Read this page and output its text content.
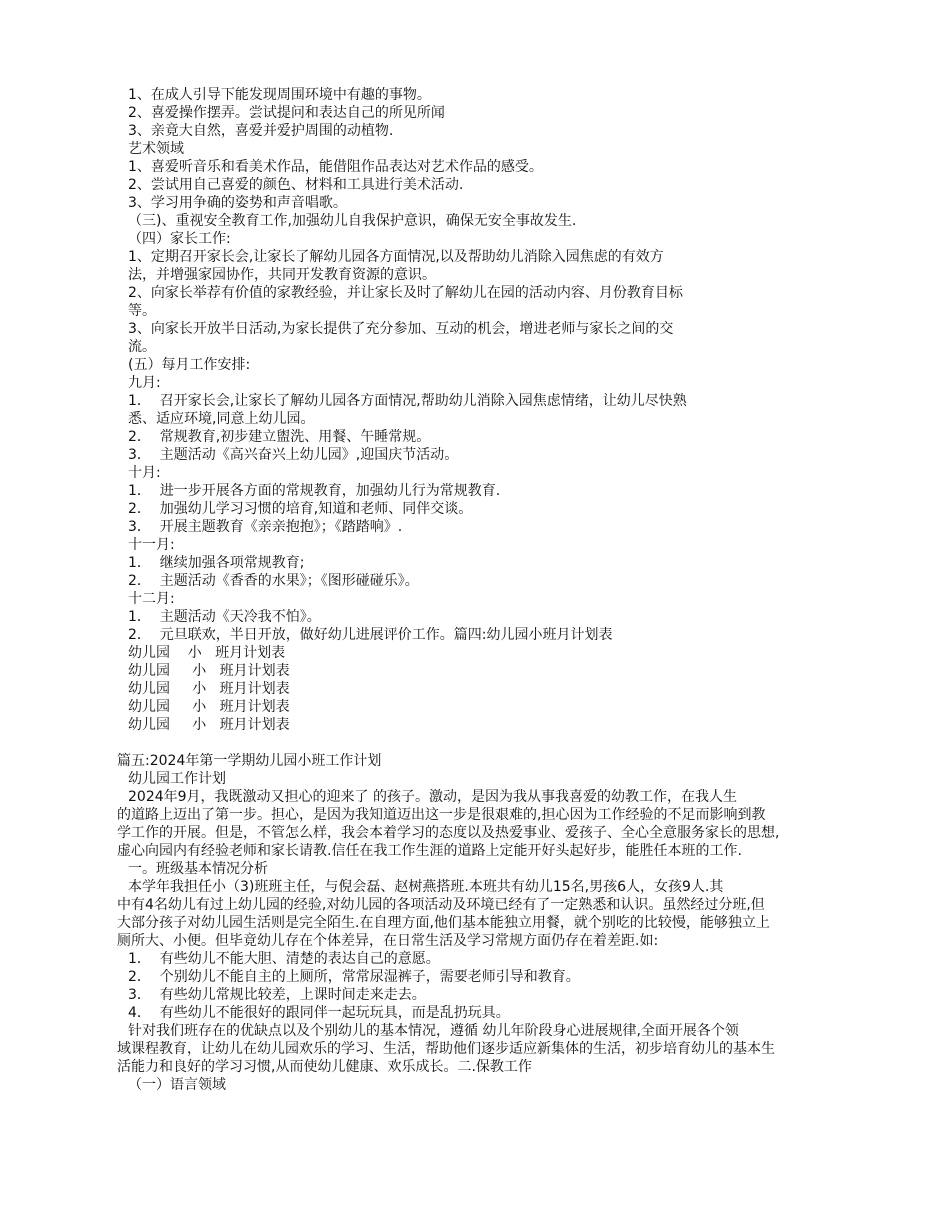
1、在成人引导下能发现周围环境中有趣的事物。
2、喜爱操作摆弄。尝试提问和表达自己的所见所闻
3、亲竟大自然，喜爱并爱护周围的动植物.
艺术领域
1、喜爱听音乐和看美术作品，能借阻作品表达对艺术作品的感受。
2、尝试用自己喜爱的颜色、材料和工具进行美术活动.
3、学习用争确的姿势和声音唱歌。
（三)、重视安全教育工作,加强幼儿自我保护意识，确保无安全事故发生.
（四）家长工作:
1、定期召开家长会,让家长了解幼儿园各方面情况,以及帮助幼儿消除入园焦虑的有效方
法，并增强家园协作，共同开发教育资源的意识。
2、向家长举荐有价值的家教经验，并让家长及时了解幼儿在园的活动内容、月份教育目标
等。
3、向家长开放半日活动,为家长提供了充分参加、互动的机会，增进老师与家长之间的交
流。
(五）每月工作安排:
九月:
1．  召开家长会,让家长了解幼儿园各方面情况,帮助幼儿消除入园焦虑情绪，让幼儿尽快熟
悉、适应环境,同意上幼儿园。
2．  常规教育,初步建立盥洗、用餐、午睡常规。
3．  主题活动《高兴奋兴上幼儿园》,迎国庆节活动。
十月:
1．  进一步开展各方面的常规教育，加强幼儿行为常规教育.
2．  加强幼儿学习习惯的培育,知道和老师、同伴交谈。
3．  开展主题教育《亲亲抱抱》；《踏踏响》.
十一月:
1．  继续加强各项常规教育;
2．  主题活动《香香的水果》；《图形碰碰乐》。
十二月:
1．  主题活动《天冷我不怕》。
2．  元旦联欢，半日开放，做好幼儿进展评价工作。篇四:幼儿园小班月计划表
幼儿园    小   班月计划表
幼儿园     小   班月计划表
幼儿园     小   班月计划表
幼儿园     小   班月计划表
幼儿园     小   班月计划表
篇五:2024年第一学期幼儿园小班工作计划
幼儿园工作计划
2024年9月，我既激动又担心的迎来了 的孩子。激动，是因为我从事我喜爱的幼教工作，在我人生
的道路上迈出了第一步。担心，是因为我知道迈出这一步是很艰难的,担心因为工作经验的不足而影响到教
学工作的开展。但是，不管怎么样，我会本着学习的态度以及热爱事业、爱孩子、全心全意服务家长的思想,
虚心向园内有经验老师和家长请教.信任在我工作生涯的道路上定能开好头起好步，能胜任本班的工作.
一。班级基本情况分析
本学年我担任小（3)班班主任，与倪会磊、赵树燕搭班.本班共有幼儿15名,男孩6人，女孩9人.其
中有4名幼儿有过上幼儿园的经验,对幼儿园的各项活动及环境已经有了一定熟悉和认识。虽然经过分班,但
大部分孩子对幼儿园生活则是完全陌生.在自理方面,他们基本能独立用餐，就个别吃的比较慢，能够独立上
厕所大、小便。但毕竟幼儿存在个体差异，在日常生活及学习常规方面仍存在着差距.如:
1．  有些幼儿不能大胆、清楚的表达自己的意愿。
2．  个别幼儿不能自主的上厕所，常常尿湿裤子，需要老师引导和教育。
3．  有些幼儿常规比较差，上课时间走来走去。
4．  有些幼儿不能很好的跟同伴一起玩玩具，而是乱扔玩具。
针对我们班存在的优缺点以及个别幼儿的基本情况，遵循 幼儿年阶段身心进展规律,全面开展各个领
域课程教育，让幼儿在幼儿园欢乐的学习、生活，帮助他们逐步适应新集体的生活，初步培育幼儿的基本生
活能力和良好的学习习惯,从而使幼儿健康、欢乐成长。二.保教工作
（一）语言领域
